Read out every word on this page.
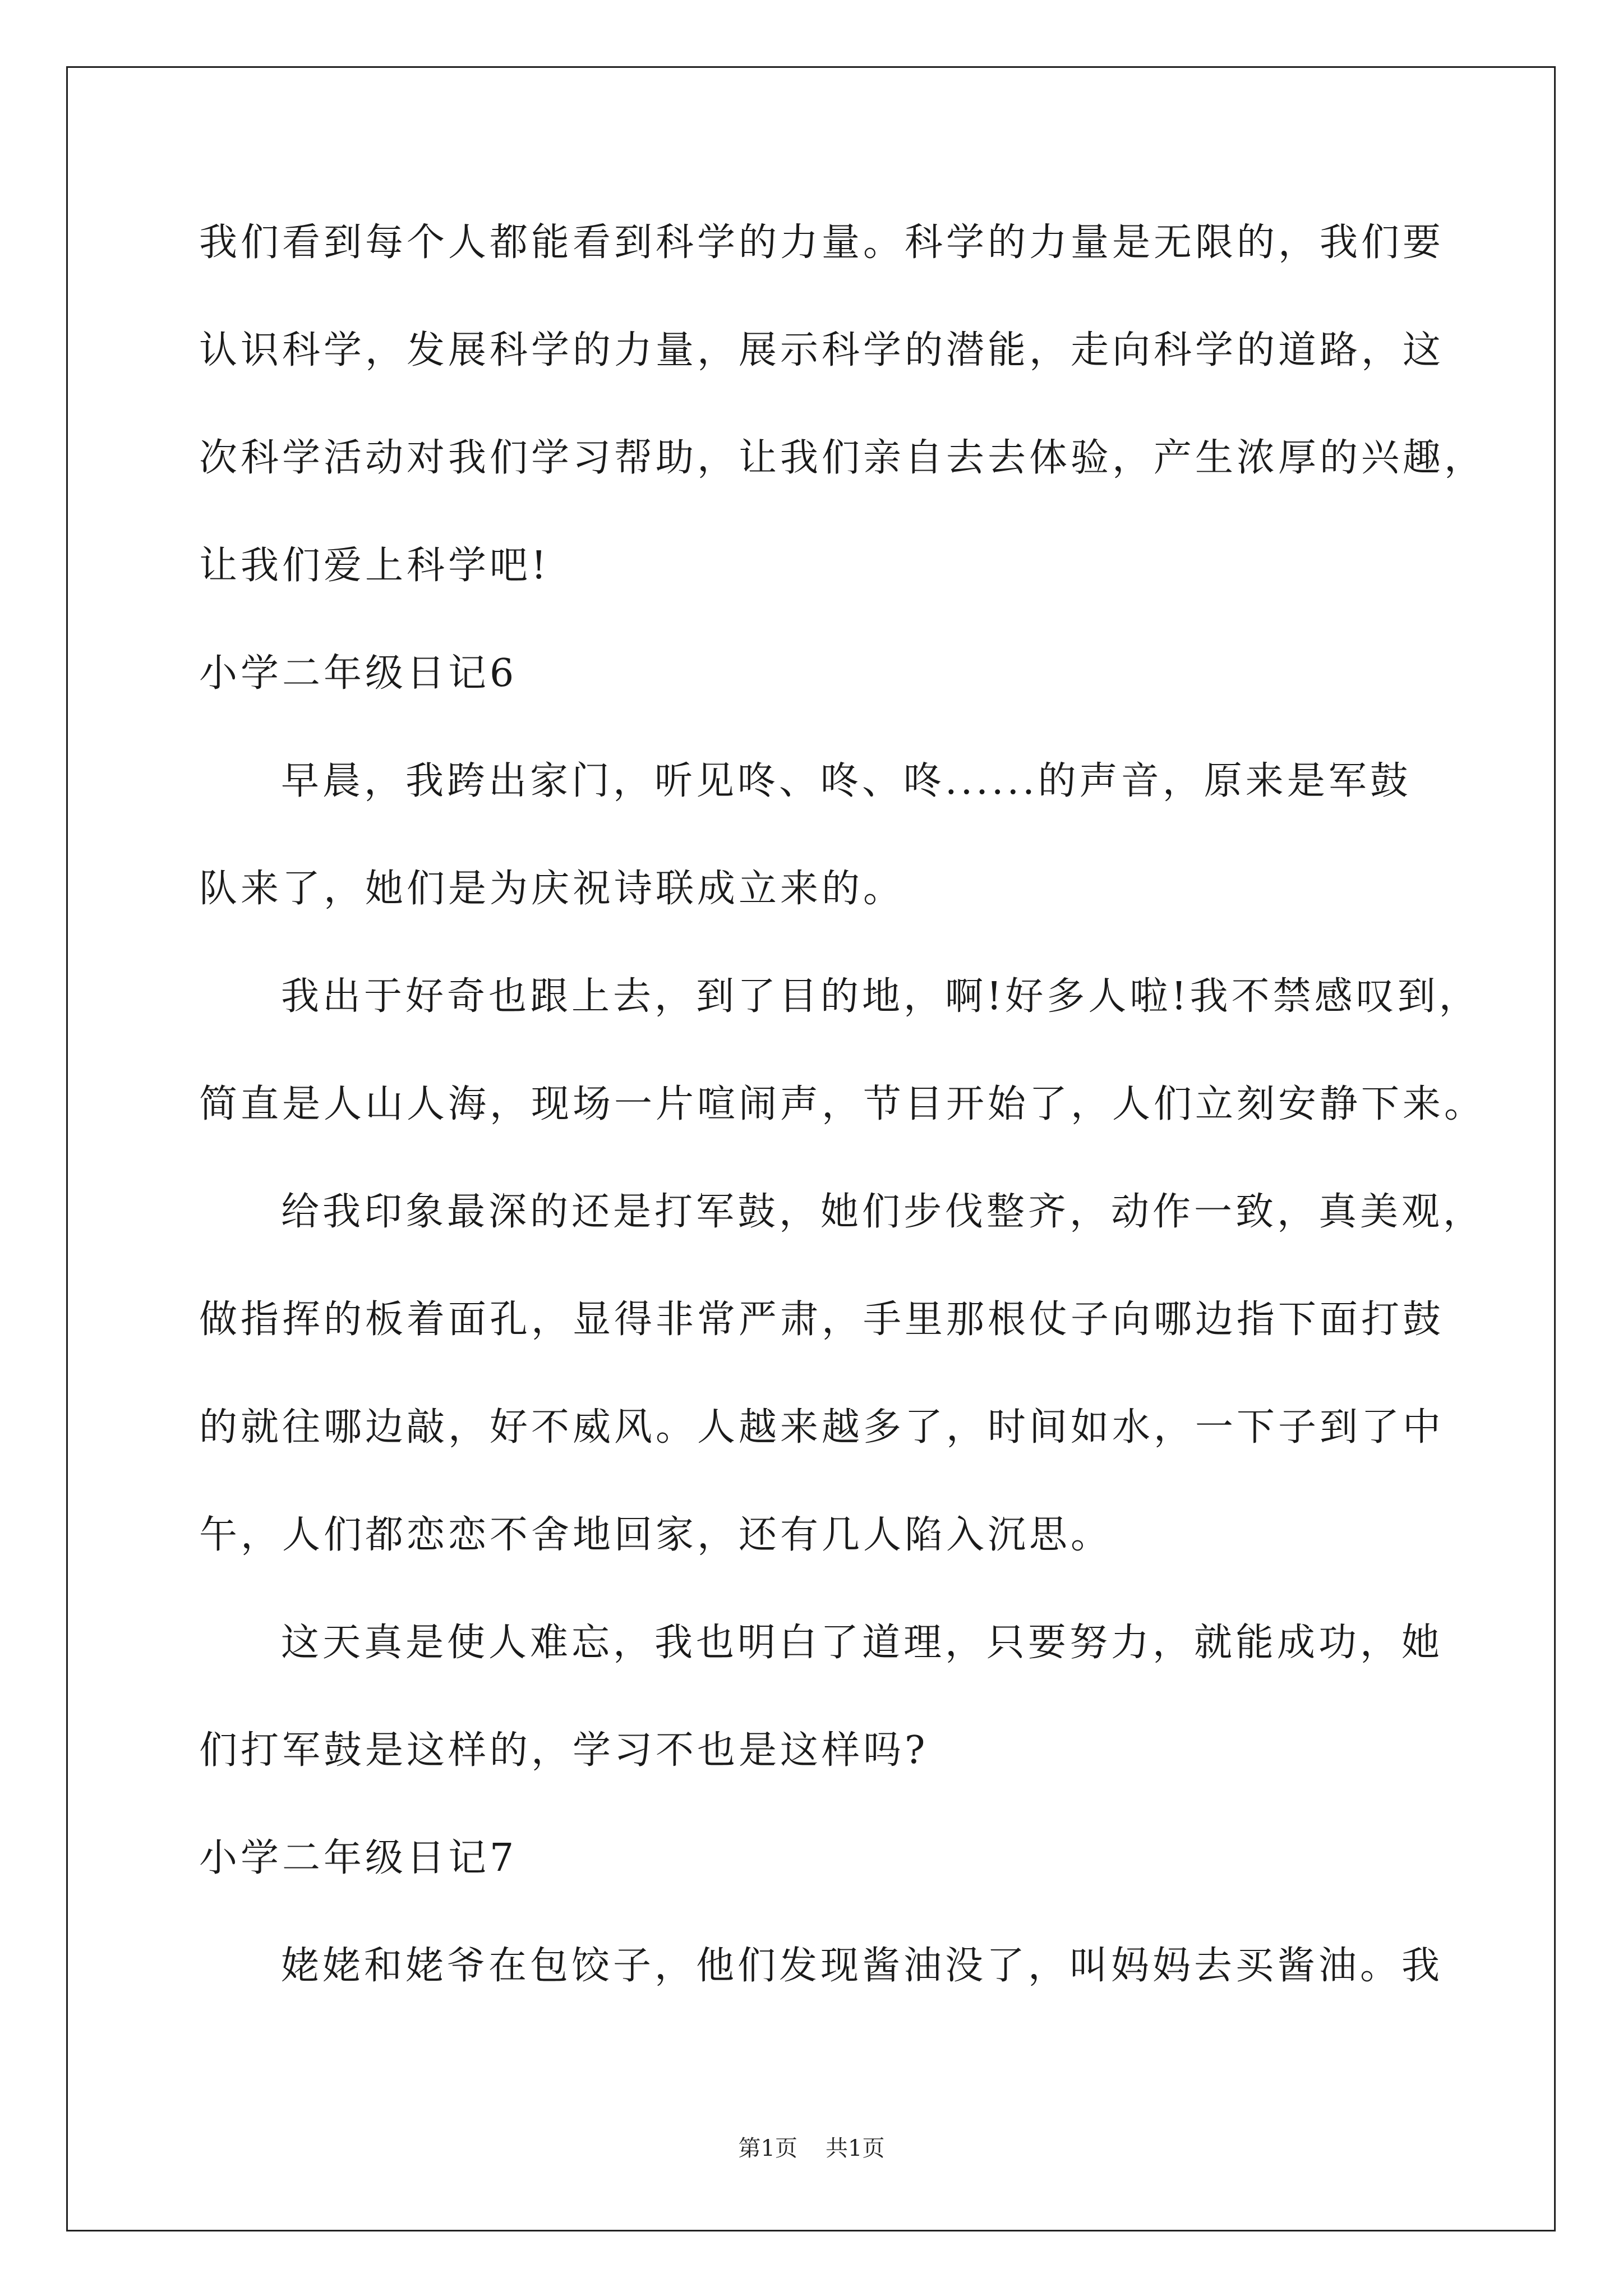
我们看到每个人都能看到科学的力量。科学的力量是无限的，我们要
认识科学，发展科学的力量，展示科学的潜能，走向科学的道路，这
次科学活动对我们学习帮助，让我们亲自去去体验，产生浓厚的兴趣，
让我们爱上科学吧!
小学二年级日记6
早晨，我跨出家门，听见咚、咚、咚......的声音，原来是军鼓
队来了，她们是为庆祝诗联成立来的。
我出于好奇也跟上去，到了目的地，啊!好多人啦!我不禁感叹到，
简直是人山人海，现场一片喧闹声，节目开始了，人们立刻安静下来。
给我印象最深的还是打军鼓，她们步伐整齐，动作一致，真美观，
做指挥的板着面孔，显得非常严肃，手里那根仗子向哪边指下面打鼓
的就往哪边敲，好不威风。人越来越多了，时间如水，一下子到了中
午，人们都恋恋不舍地回家，还有几人陷入沉思。
这天真是使人难忘，我也明白了道理，只要努力，就能成功，她
们打军鼓是这样的，学习不也是这样吗?
小学二年级日记7
姥姥和姥爷在包饺子，他们发现酱油没了，叫妈妈去买酱油。我
第1页 共1页
